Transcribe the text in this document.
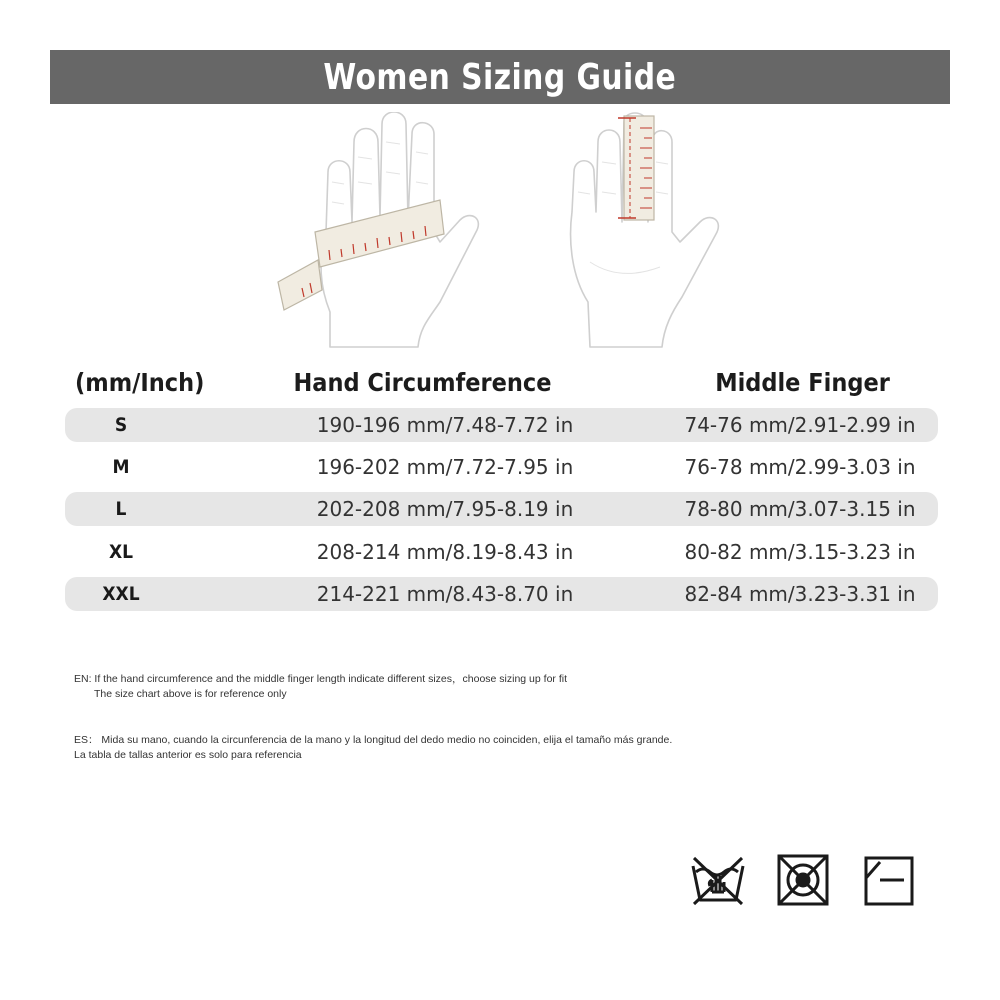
Women Sizing Guide
(mm/Inch)	Hand Circumference	Middle Finger
S	190-196 mm/7.48-7.72 in	74-76 mm/2.91-2.99 in
M	196-202 mm/7.72-7.95 in	76-78 mm/2.99-3.03 in
L	202-208 mm/7.95-8.19 in	78-80 mm/3.07-3.15 in
XL	208-214 mm/8.19-8.43 in	80-82 mm/3.15-3.23 in
XXL	214-221 mm/8.43-8.70 in	82-84 mm/3.23-3.31 in
EN: If the hand circumference and the middle finger length indicate different sizes，choose sizing up for fit
The size chart above is for reference only
ES： Mida su mano, cuando la circunferencia de la mano y la longitud del dedo medio no coinciden, elija el tamaño más grande.
La tabla de tallas anterior es solo para referencia
